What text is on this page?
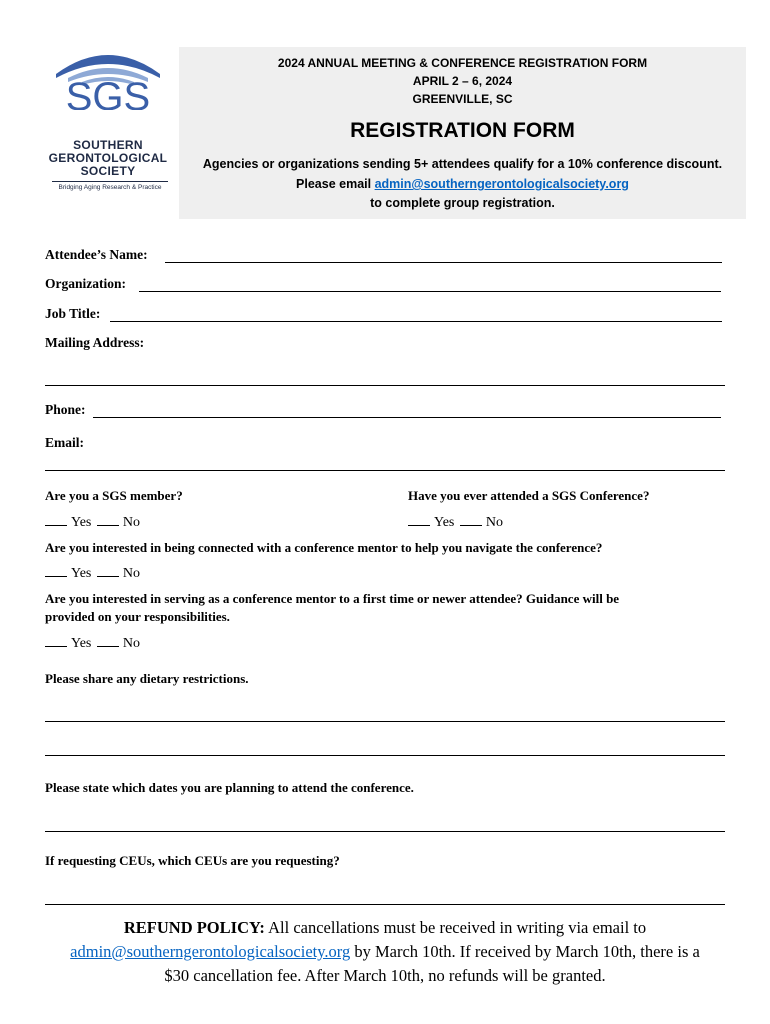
SGS
SOUTHERN
GERONTOLOGICAL
SOCIETY
Bridging Aging Research & Practice
2024 ANNUAL MEETING & CONFERENCE REGISTRATION FORM
APRIL 2 – 6, 2024
GREENVILLE, SC
REGISTRATION FORM
Agencies or organizations sending 5+ attendees qualify for a 10% conference discount.
Please email admin@southerngerontologicalsociety.org
to complete group registration.
Attendee’s Name:
Organization:
Job Title:
Mailing Address:
Phone:
Email:
Are you a SGS member?	Have you ever attended a SGS Conference?
Yes No	Yes No
Are you interested in being connected with a conference mentor to help you navigate the conference?
Yes No
Are you interested in serving as a conference mentor to a first time or newer attendee? Guidance will be
provided on your responsibilities.
Yes No
Please share any dietary restrictions.
Please state which dates you are planning to attend the conference.
If requesting CEUs, which CEUs are you requesting?
REFUND POLICY: All cancellations must be received in writing via email to
admin@southerngerontologicalsociety.org by March 10th. If received by March 10th, there is a
$30 cancellation fee. After March 10th, no refunds will be granted.
